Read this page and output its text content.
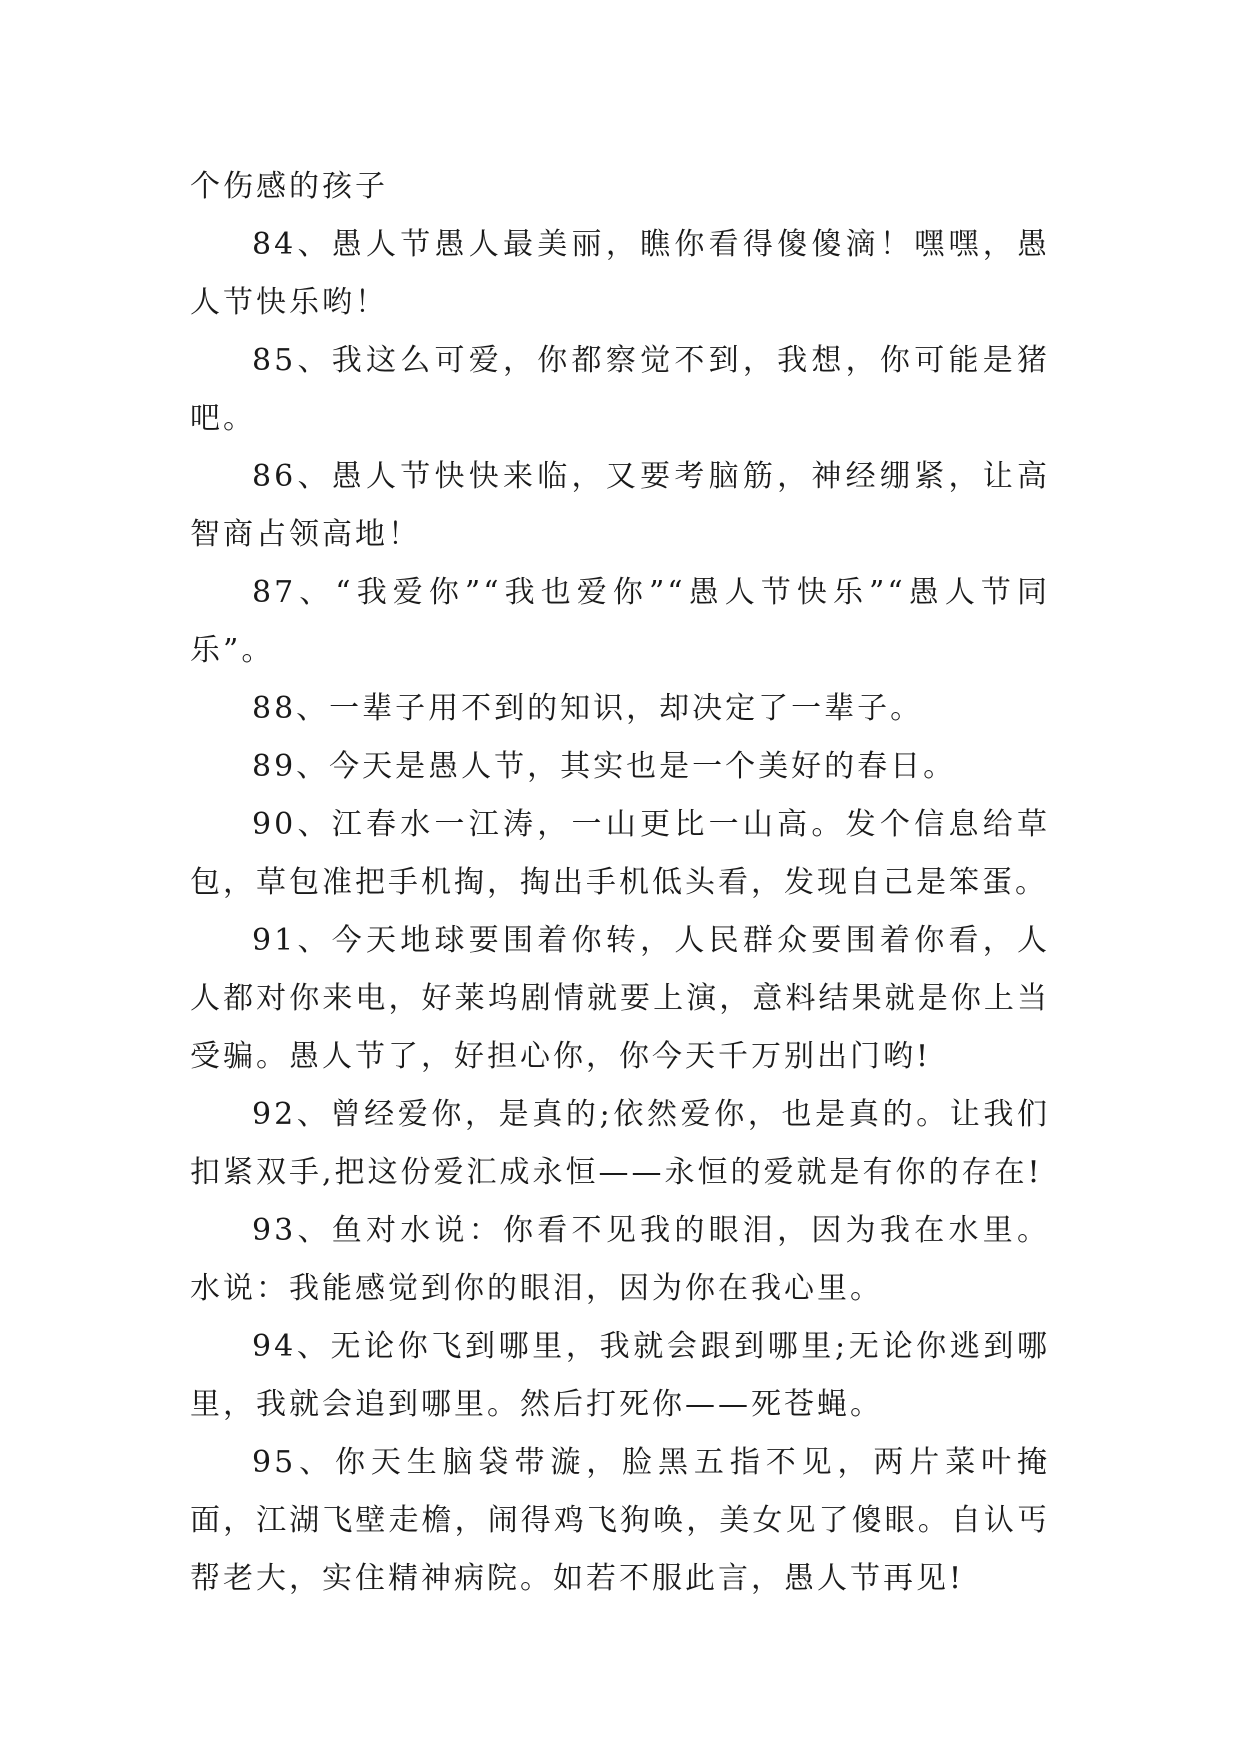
个伤感的孩子

84、愚人节愚人最美丽，瞧你看得傻傻滴！嘿嘿，愚人节快乐哟！

85、我这么可爱，你都察觉不到，我想，你可能是猪吧。

86、愚人节快快来临，又要考脑筋，神经绷紧，让高智商占领高地！

87、“我爱你”“我也爱你”“愚人节快乐”“愚人节同乐”。

88、一辈子用不到的知识，却决定了一辈子。

89、今天是愚人节，其实也是一个美好的春日。

90、江春水一江涛，一山更比一山高。发个信息给草包，草包准把手机掏，掏出手机低头看，发现自己是笨蛋。

91、今天地球要围着你转，人民群众要围着你看，人人都对你来电，好莱坞剧情就要上演，意料结果就是你上当受骗。愚人节了，好担心你，你今天千万别出门哟!

92、曾经爱你，是真的;依然爱你，也是真的。让我们扣紧双手,把这份爱汇成永恒——永恒的爱就是有你的存在!

93、鱼对水说：你看不见我的眼泪，因为我在水里。水说：我能感觉到你的眼泪，因为你在我心里。

94、无论你飞到哪里，我就会跟到哪里;无论你逃到哪里，我就会追到哪里。然后打死你——死苍蝇。

95、你天生脑袋带漩，脸黑五指不见，两片菜叶掩面，江湖飞壁走檐，闹得鸡飞狗唤，美女见了傻眼。自认丐帮老大，实住精神病院。如若不服此言，愚人节再见!
